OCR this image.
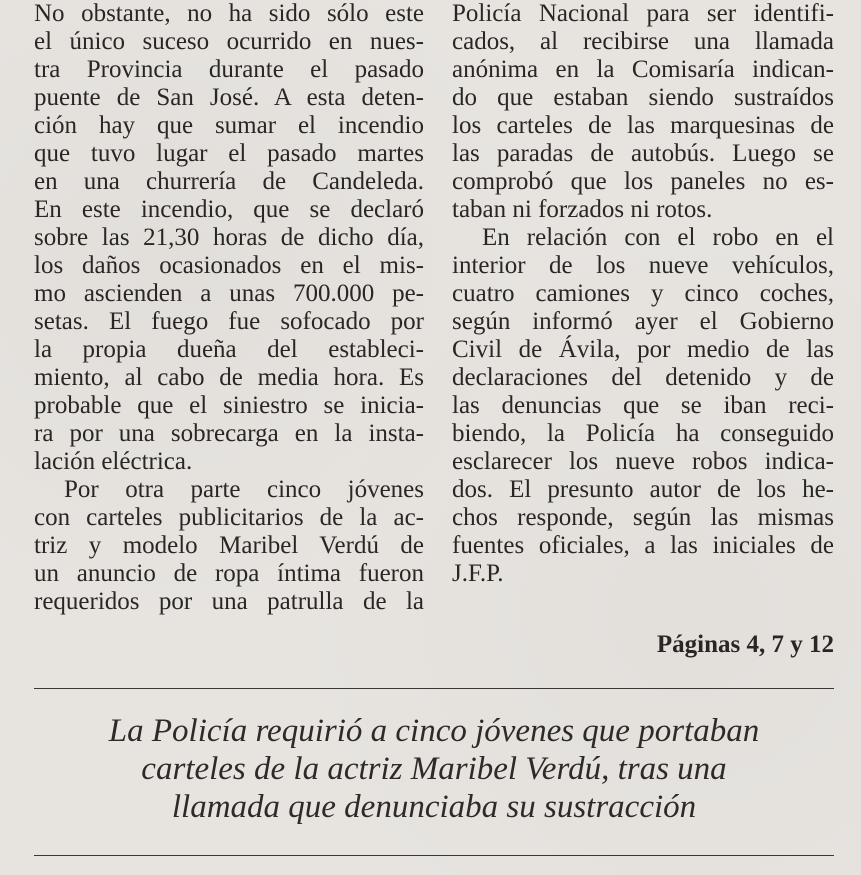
No obstante, no ha sido sólo este
el único suceso ocurrido en nues-
tra Provincia durante el pasado
puente de San José. A esta deten-
ción hay que sumar el incendio
que tuvo lugar el pasado martes
en una churrería de Candeleda.
En este incendio, que se declaró
sobre las 21,30 horas de dicho día,
los daños ocasionados en el mis-
mo ascienden a unas 700.000 pe-
setas. El fuego fue sofocado por
la propia dueña del estableci-
miento, al cabo de media hora. Es
probable que el siniestro se inicia-
ra por una sobrecarga en la insta-
lación eléctrica.
Por otra parte cinco jóvenes
con carteles publicitarios de la ac-
triz y modelo Maribel Verdú de
un anuncio de ropa íntima fueron
requeridos por una patrulla de la
Policía Nacional para ser identifi-
cados, al recibirse una llamada
anónima en la Comisaría indican-
do que estaban siendo sustraídos
los carteles de las marquesinas de
las paradas de autobús. Luego se
comprobó que los paneles no es-
taban ni forzados ni rotos.
En relación con el robo en el
interior de los nueve vehículos,
cuatro camiones y cinco coches,
según informó ayer el Gobierno
Civil de Ávila, por medio de las
declaraciones del detenido y de
las denuncias que se iban reci-
biendo, la Policía ha conseguido
esclarecer los nueve robos indica-
dos. El presunto autor de los he-
chos responde, según las mismas
fuentes oficiales, a las iniciales de
J.F.P.
Páginas 4, 7 y 12
La Policía requirió a cinco jóvenes que portaban
carteles de la actriz Maribel Verdú, tras una
llamada que denunciaba su sustracción
